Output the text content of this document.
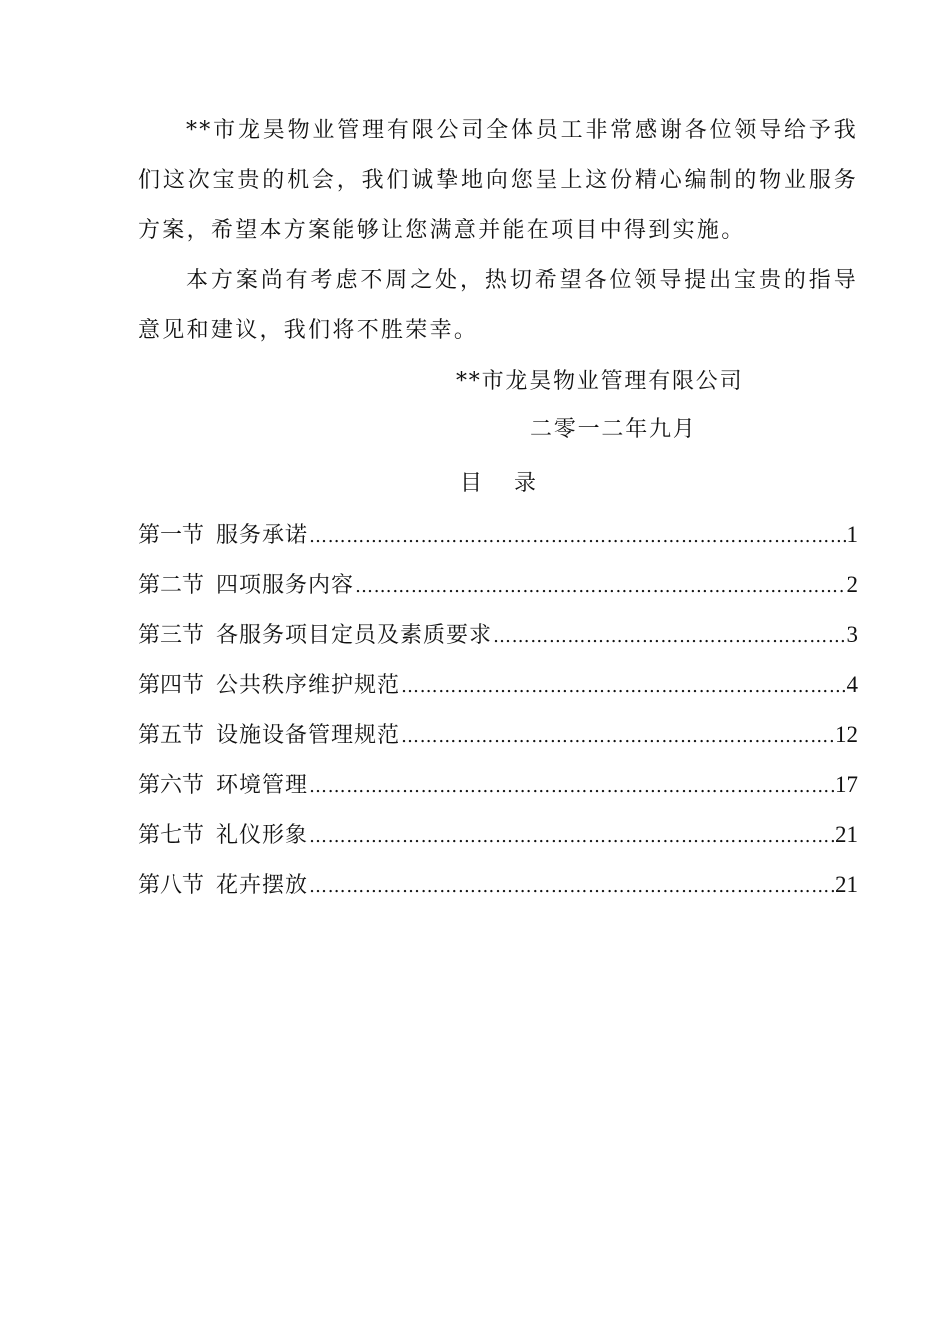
**市龙昊物业管理有限公司全体员工非常感谢各位领导给予我们这次宝贵的机会，我们诚挚地向您呈上这份精心编制的物业服务方案，希望本方案能够让您满意并能在项目中得到实施。

本方案尚有考虑不周之处，热切希望各位领导提出宝贵的指导意见和建议，我们将不胜荣幸。

**市龙昊物业管理有限公司

二零一二年九月

目 录
第一节 服务承诺 …………………………………………………………………………………………………………………………………………	1
第二节 四项服务内容 …………………………………………………………………………………………………………………………………………	2
第三节 各服务项目定员及素质要求 …………………………………………………………………………………………………………………………………………	3
第四节 公共秩序维护规范 …………………………………………………………………………………………………………………………………………	4
第五节 设施设备管理规范 …………………………………………………………………………………………………………………………………………	12
第六节 环境管理 …………………………………………………………………………………………………………………………………………	17
第七节 礼仪形象 …………………………………………………………………………………………………………………………………………	21
第八节 花卉摆放 …………………………………………………………………………………………………………………………………………	21
